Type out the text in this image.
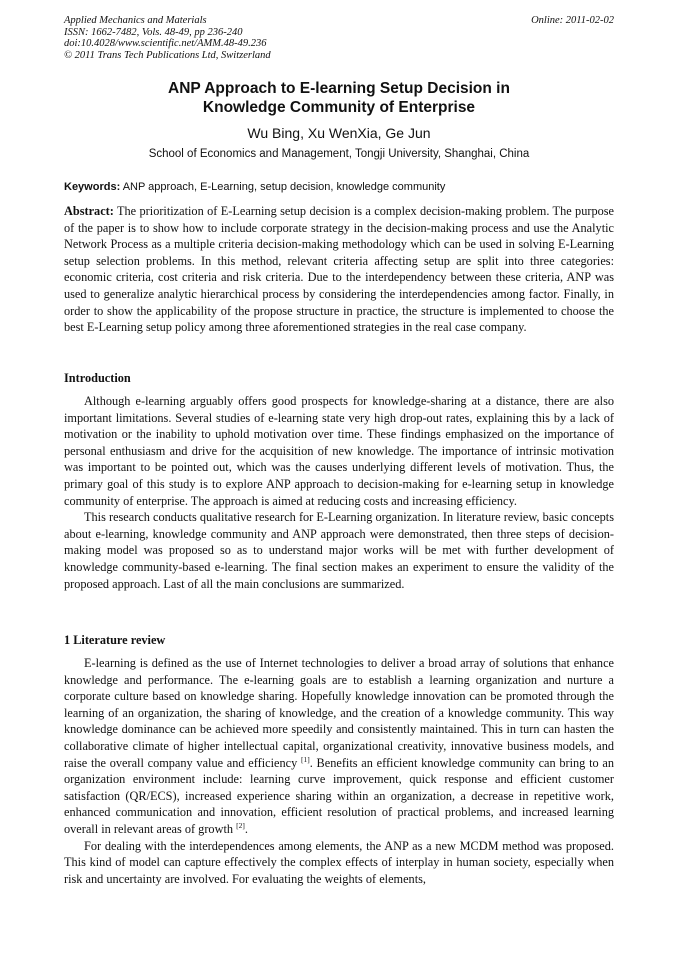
Applied Mechanics and Materials
ISSN: 1662-7482, Vols. 48-49, pp 236-240
doi:10.4028/www.scientific.net/AMM.48-49.236
© 2011 Trans Tech Publications Ltd, Switzerland
Online: 2011-02-02
ANP Approach to E-learning Setup Decision in
Knowledge Community of Enterprise
Wu Bing, Xu WenXia, Ge Jun
School of Economics and Management, Tongji University, Shanghai, China
Keywords: ANP approach, E-Learning, setup decision, knowledge community

Abstract: The prioritization of E-Learning setup decision is a complex decision-making problem. The purpose of the paper is to show how to include corporate strategy in the decision-making process and use the Analytic Network Process as a multiple criteria decision-making methodology which can be used in solving E-Learning setup selection problems. In this method, relevant criteria affecting setup are split into three categories: economic criteria, cost criteria and risk criteria. Due to the interdependency between these criteria, ANP was used to generalize analytic hierarchical process by considering the interdependencies among factor. Finally, in order to show the applicability of the propose structure in practice, the structure is implemented to choose the best E-Learning setup policy among three aforementioned strategies in the real case company.

Introduction

Although e-learning arguably offers good prospects for knowledge-sharing at a distance, there are also important limitations. Several studies of e-learning state very high drop-out rates, explaining this by a lack of motivation or the inability to uphold motivation over time. These findings emphasized on the importance of personal enthusiasm and drive for the acquisition of new knowledge. The importance of intrinsic motivation was important to be pointed out, which was the causes underlying different levels of motivation. Thus, the primary goal of this study is to explore ANP approach to decision-making for e-learning setup in knowledge community of enterprise. The approach is aimed at reducing costs and increasing efficiency.

This research conducts qualitative research for E-Learning organization. In literature review, basic concepts about e-learning, knowledge community and ANP approach were demonstrated, then three steps of decision-making model was proposed so as to understand major works will be met with further development of knowledge community-based e-learning. The final section makes an experiment to ensure the validity of the proposed approach. Last of all the main conclusions are summarized.

1 Literature review

E-learning is defined as the use of Internet technologies to deliver a broad array of solutions that enhance knowledge and performance. The e-learning goals are to establish a learning organization and nurture a corporate culture based on knowledge sharing. Hopefully knowledge innovation can be promoted through the learning of an organization, the sharing of knowledge, and the creation of a knowledge community. This way knowledge dominance can be achieved more speedily and consistently maintained. This in turn can hasten the collaborative climate of higher intellectual capital, organizational creativity, innovative business models, and raise the overall company value and efficiency [1]. Benefits an efficient knowledge community can bring to an organization environment include: learning curve improvement, quick response and efficient customer satisfaction (QR/ECS), increased experience sharing within an organization, a decrease in repetitive work, enhanced communication and innovation, efficient resolution of practical problems, and increased learning overall in relevant areas of growth [2].

For dealing with the interdependences among elements, the ANP as a new MCDM method was proposed. This kind of model can capture effectively the complex effects of interplay in human society, especially when risk and uncertainty are involved. For evaluating the weights of elements,
